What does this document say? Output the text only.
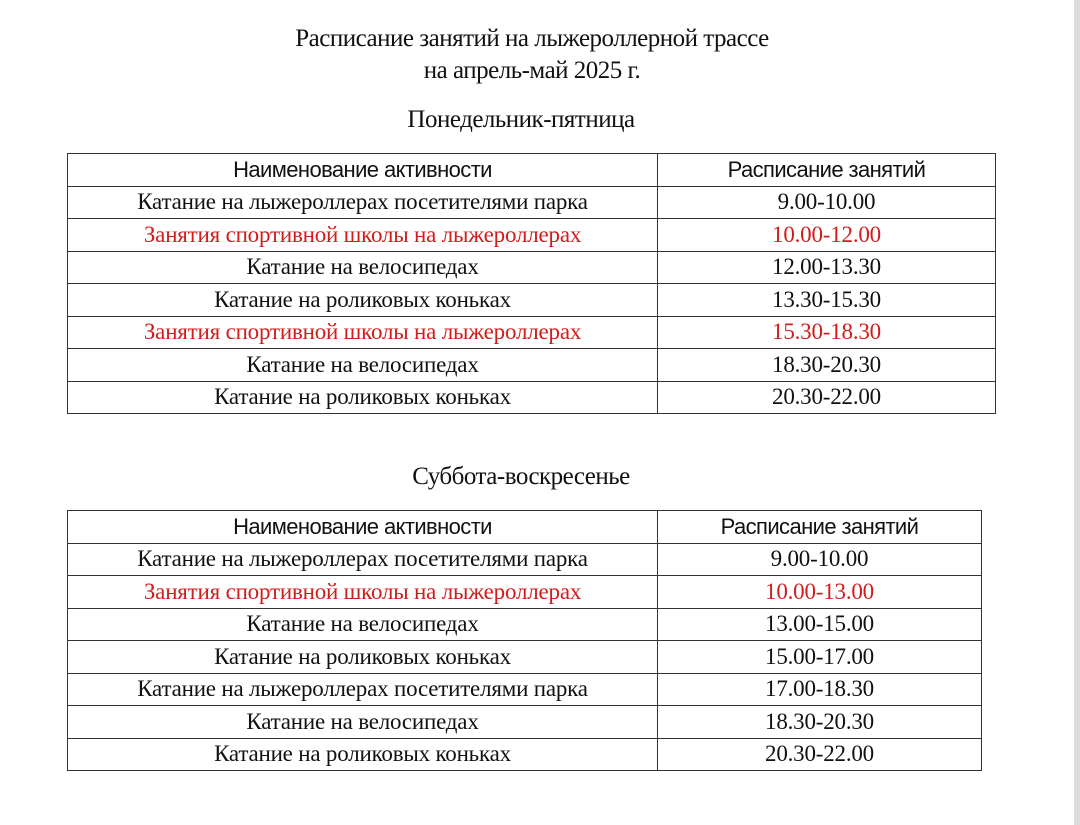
Расписание занятий на лыжероллерной трассе
на апрель-май 2025 г.
Понедельник-пятница
Наименование активности	Расписание занятий
Катание на лыжероллерах посетителями парка	9.00-10.00
Занятия спортивной школы на лыжероллерах	10.00-12.00
Катание на велосипедах	12.00-13.30
Катание на роликовых коньках	13.30-15.30
Занятия спортивной школы на лыжероллерах	15.30-18.30
Катание на велосипедах	18.30-20.30
Катание на роликовых коньках	20.30-22.00
Суббота-воскресенье
Наименование активности	Расписание занятий
Катание на лыжероллерах посетителями парка	9.00-10.00
Занятия спортивной школы на лыжероллерах	10.00-13.00
Катание на велосипедах	13.00-15.00
Катание на роликовых коньках	15.00-17.00
Катание на лыжероллерах посетителями парка	17.00-18.30
Катание на велосипедах	18.30-20.30
Катание на роликовых коньках	20.30-22.00
